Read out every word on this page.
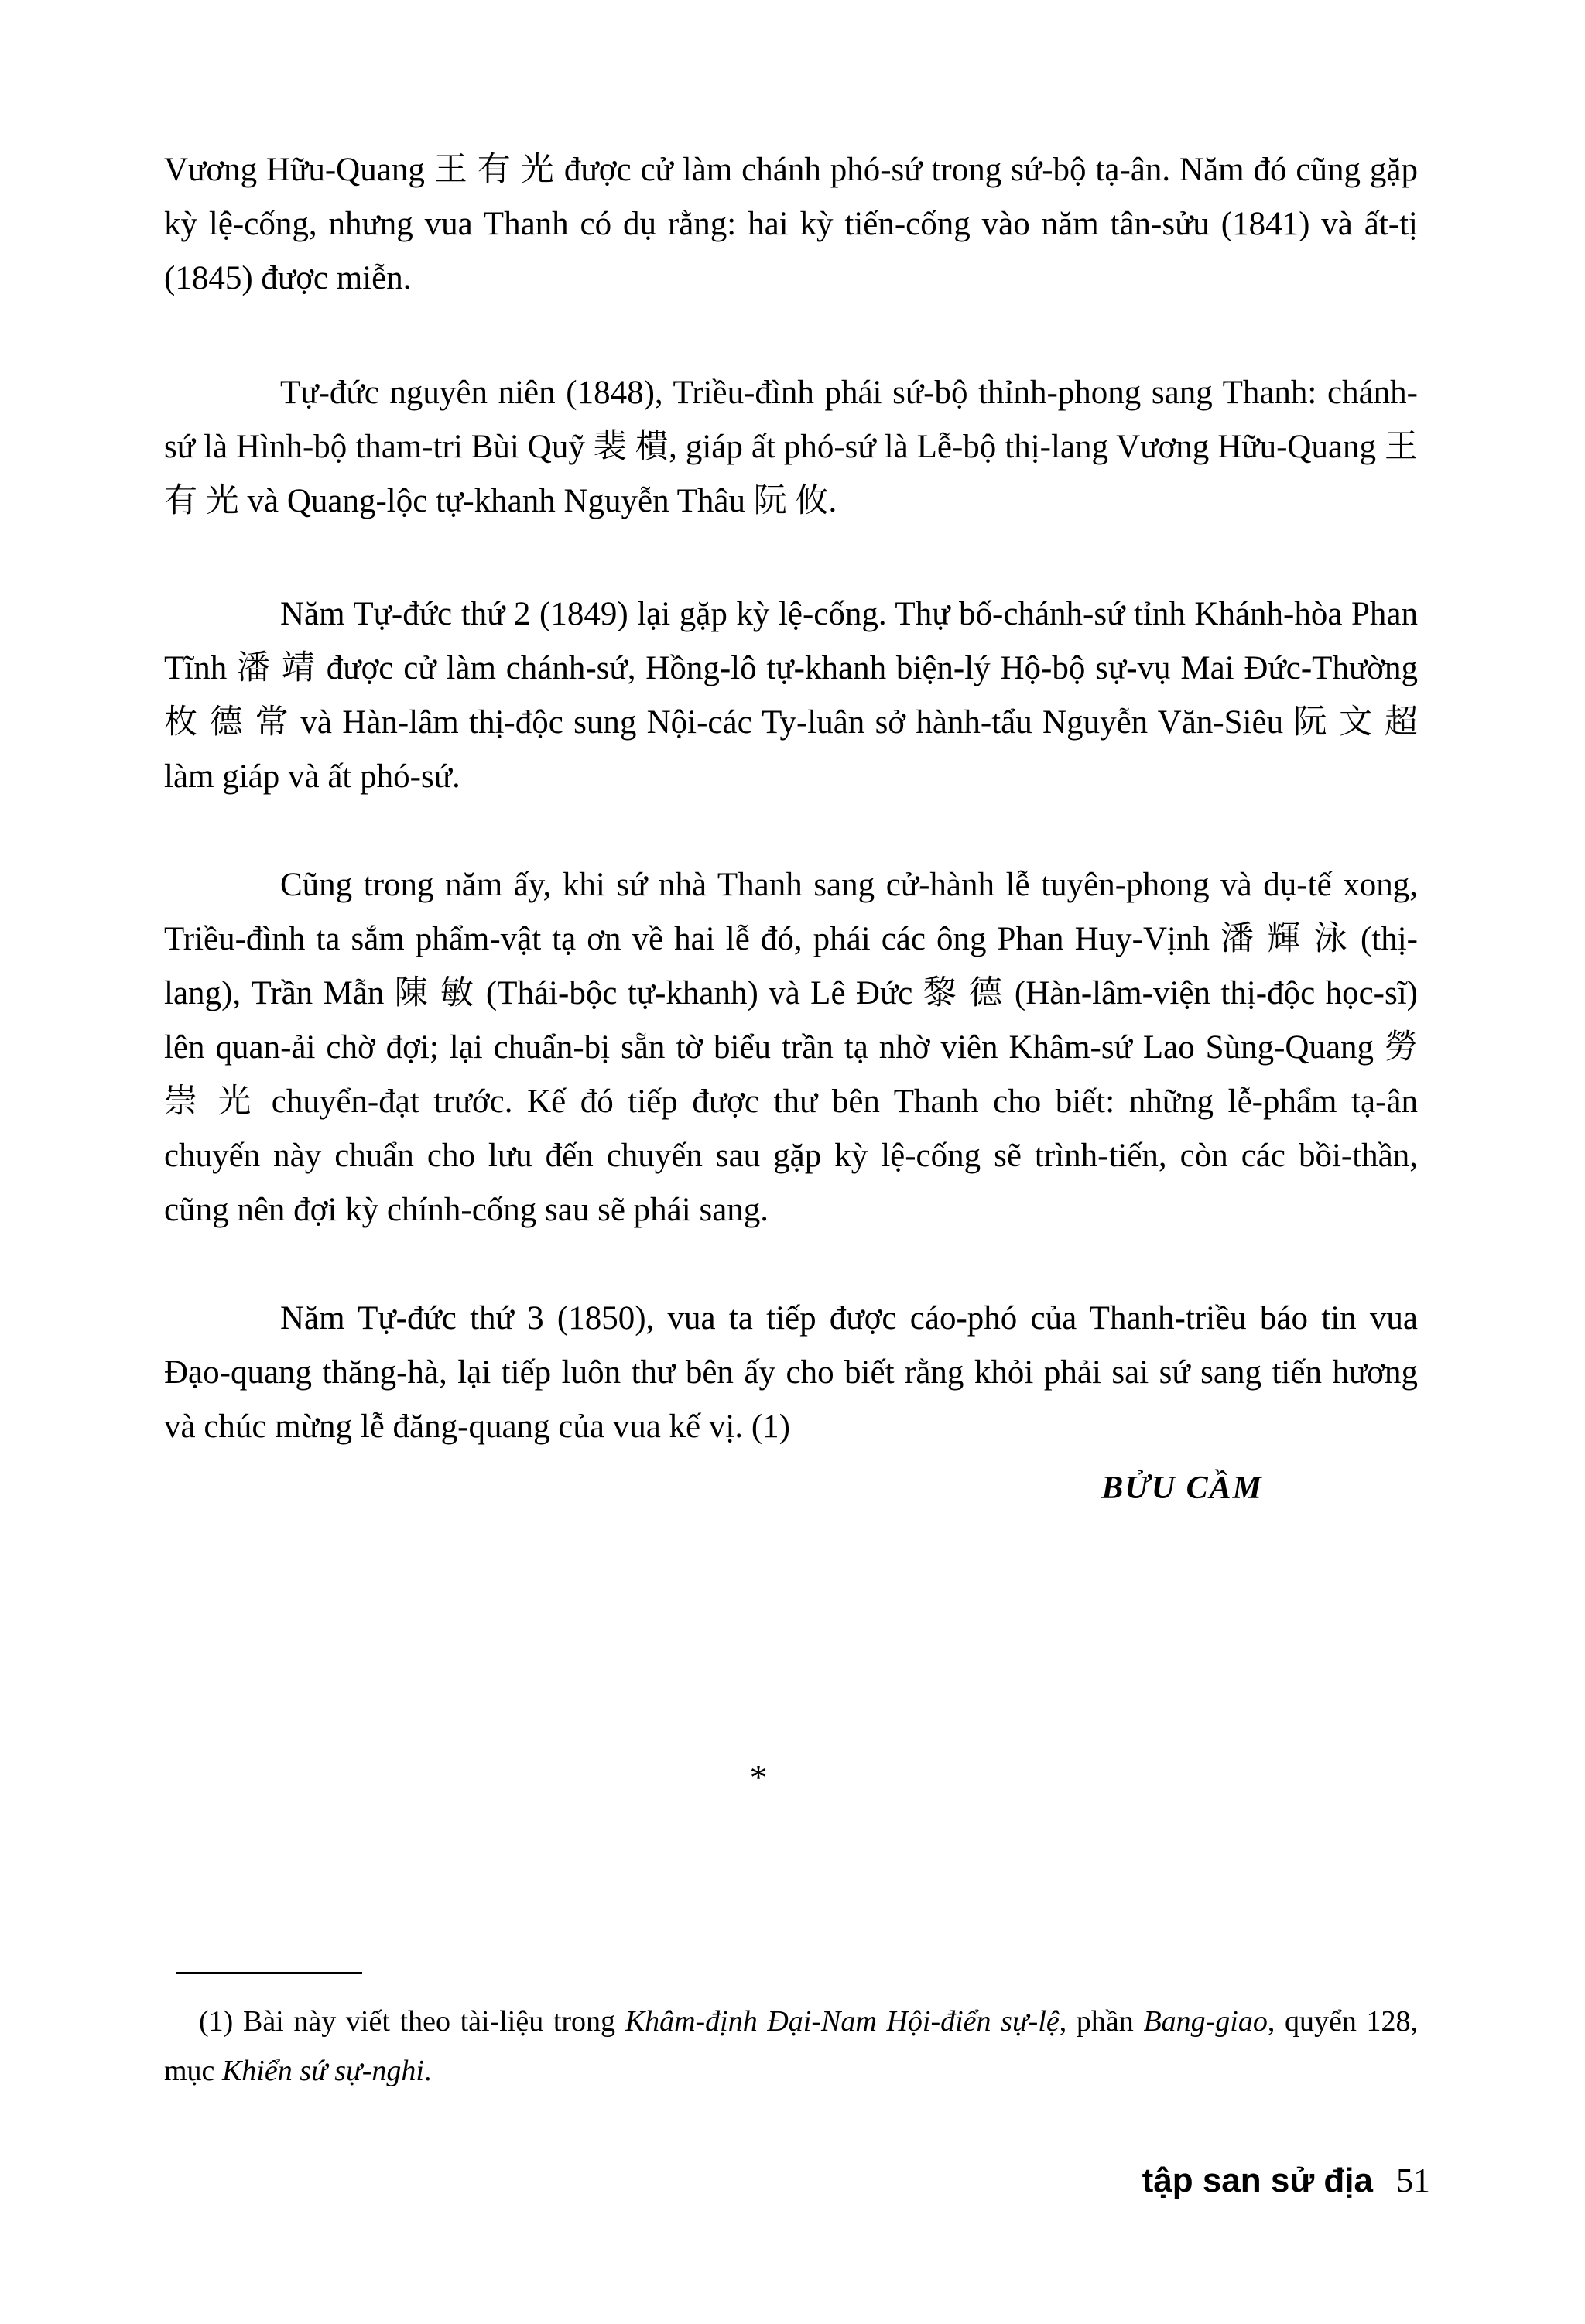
Vương Hữu-Quang 王 有 光 được cử làm chánh phó-sứ trong sứ-bộ tạ-ân. Năm đó cũng gặp kỳ lệ-cống, nhưng vua Thanh có dụ rằng: hai kỳ tiến-cống vào năm tân-sửu (1841) và ất-tị (1845) được miễn.

Tự-đức nguyên niên (1848), Triều-đình phái sứ-bộ thỉnh-phong sang Thanh: chánh-sứ là Hình-bộ tham-tri Bùi Quỹ 裴 樻, giáp ất phó-sứ là Lễ-bộ thị-lang Vương Hữu-Quang 王 有 光 và Quang-lộc tự-khanh Nguyễn Thâu 阮 攸.

Năm Tự-đức thứ 2 (1849) lại gặp kỳ lệ-cống. Thự bố-chánh-sứ tỉnh Khánh-hòa Phan Tĩnh 潘 靖 được cử làm chánh-sứ, Hồng-lô tự-khanh biện-lý Hộ-bộ sự-vụ Mai Đức-Thường 枚 德 常 và Hàn-lâm thị-độc sung Nội-các Ty-luân sở hành-tẩu Nguyễn Văn-Siêu 阮 文 超 làm giáp và ất phó-sứ.

Cũng trong năm ấy, khi sứ nhà Thanh sang cử-hành lễ tuyên-phong và dụ-tế xong, Triều-đình ta sắm phẩm-vật tạ ơn về hai lễ đó, phái các ông Phan Huy-Vịnh 潘 輝 泳 (thị-lang), Trần Mẫn 陳 敏 (Thái-bộc tự-khanh) và Lê Đức 黎 德 (Hàn-lâm-viện thị-độc học-sĩ) lên quan-ải chờ đợi; lại chuẩn-bị sẵn tờ biểu trần tạ nhờ viên Khâm-sứ Lao Sùng-Quang 勞 崇 光 chuyển-đạt trước. Kế đó tiếp được thư bên Thanh cho biết: những lễ-phẩm tạ-ân chuyến này chuẩn cho lưu đến chuyến sau gặp kỳ lệ-cống sẽ trình-tiến, còn các bồi-thần, cũng nên đợi kỳ chính-cống sau sẽ phái sang.

Năm Tự-đức thứ 3 (1850), vua ta tiếp được cáo-phó của Thanh-triều báo tin vua Đạo-quang thăng-hà, lại tiếp luôn thư bên ấy cho biết rằng khỏi phải sai sứ sang tiến hương và chúc mừng lễ đăng-quang của vua kế vị. (1)

BỬU CẦM
*
(1) Bài này viết theo tài-liệu trong Khâm-định Đại-Nam Hội-điển sự-lệ, phần Bang-giao, quyển 128, mục Khiển sứ sự-nghi.
tập san sử địa 51
